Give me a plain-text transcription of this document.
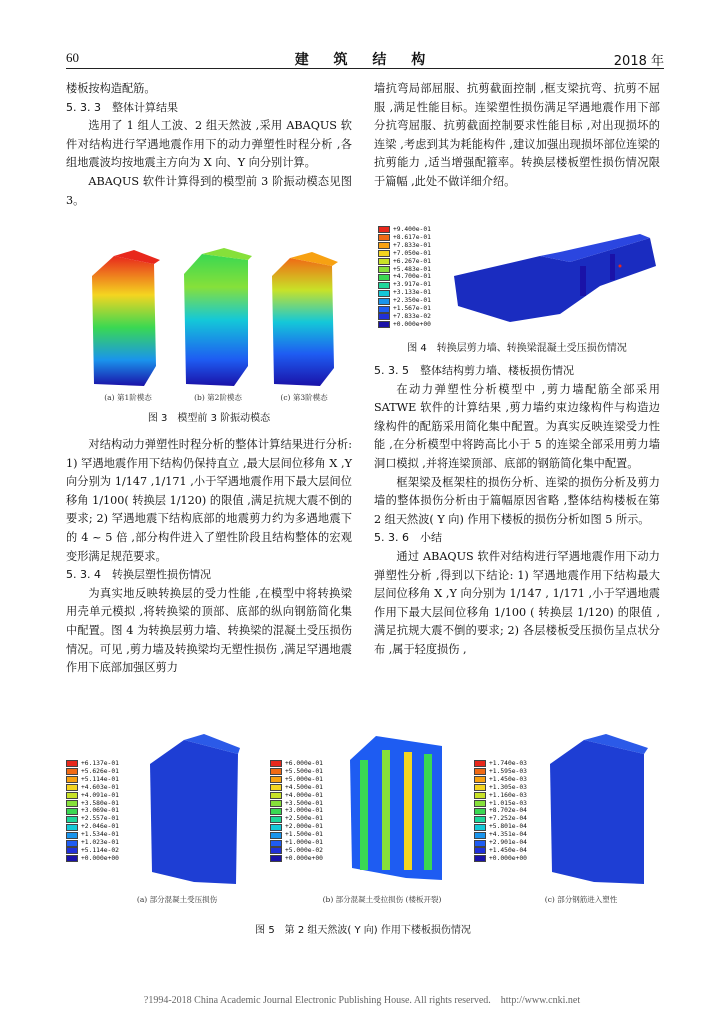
60	建 筑 结 构	2018 年

楼板按构造配筋。

5. 3. 3　整体计算结果

选用了 1 组人工波、2 组天然波 ,采用 ABAQUS 软件对结构进行罕遇地震作用下的动力弹塑性时程分析 ,各组地震波均按地震主方向为 X 向、Y 向分别计算。

ABAQUS 软件计算得到的模型前 3 阶振动模态见图 3。

(a) 第1阶模态	(b) 第2阶模态	(c) 第3阶模态
图 3　模型前 3 阶振动模态

对结构动力弹塑性时程分析的整体计算结果进行分析: 1) 罕遇地震作用下结构仍保持直立 ,最大层间位移角 X ,Y 向分别为 1/147 ,1/171 ,小于罕遇地震作用下最大层间位移角 1/100( 转换层 1/120) 的限值 ,满足抗规大震不倒的要求; 2) 罕遇地震下结构底部的地震剪力约为多遇地震下的 4 ~ 5 倍 ,部分构件进入了塑性阶段且结构整体的宏观变形满足规范要求。

5. 3. 4　转换层塑性损伤情况

为真实地反映转换层的受力性能 ,在模型中将转换梁用壳单元模拟 ,将转换梁的顶部、底部的纵向钢筋简化集中配置。图 4 为转换层剪力墙、转换梁的混凝土受压损伤情况。可见 ,剪力墙及转换梁均无塑性损伤 ,满足罕遇地震作用下底部加强区剪力

墙抗弯局部屈服、抗剪截面控制 ,框支梁抗弯、抗剪不屈服 ,满足性能目标。连梁塑性损伤满足罕遇地震作用下部分抗弯屈服、抗剪截面控制要求性能目标 ,对出现损坏的连梁 ,考虑到其为耗能构件 ,建议加强出现损坏部位连梁的抗剪能力 ,适当增强配箍率。转换层楼板塑性损伤情况限于篇幅 ,此处不做详细介绍。

+9.400e-01
+8.617e-01
+7.833e-01
+7.050e-01
+6.267e-01
+5.483e-01
+4.700e-01
+3.917e-01
+3.133e-01
+2.350e-01
+1.567e-01
+7.833e-02
+0.000e+00
图 4　转换层剪力墙、转换梁混凝土受压损伤情况

5. 3. 5　整体结构剪力墙、楼板损伤情况

在动力弹塑性分析模型中 ,剪力墙配筋全部采用 SATWE 软件的计算结果 ,剪力墙约束边缘构件与构造边缘构件的配筋采用简化集中配置。为真实反映连梁受力性能 ,在分析模型中将跨高比小于 5 的连梁全部采用剪力墙洞口模拟 ,并将连梁顶部、底部的钢筋简化集中配置。

框架梁及框架柱的损伤分析、连梁的损伤分析及剪力墙的整体损伤分析由于篇幅原因省略 ,整体结构楼板在第 2 组天然波( Y 向) 作用下楼板的损伤分析如图 5 所示。

5. 3. 6　小结

通过 ABAQUS 软件对结构进行罕遇地震作用下动力弹塑性分析 ,得到以下结论: 1) 罕遇地震作用下结构最大层间位移角 X ,Y 向分别为 1/147 , 1/171 ,小于罕遇地震作用下最大层间位移角 1/100 ( 转换层 1/120) 的限值 ,满足抗规大震不倒的要求; 2) 各层楼板受压损伤呈点状分布 ,属于轻度损伤 ,

+6.137e-01
+5.626e-01
+5.114e-01
+4.603e-01
+4.091e-01
+3.580e-01
+3.069e-01
+2.557e-01
+2.046e-01
+1.534e-01
+1.023e-01
+5.114e-02
+0.000e+00
+6.000e-01
+5.500e-01
+5.000e-01
+4.500e-01
+4.000e-01
+3.500e-01
+3.000e-01
+2.500e-01
+2.000e-01
+1.500e-01
+1.000e-01
+5.000e-02
+0.000e+00
+1.740e-03
+1.595e-03
+1.450e-03
+1.305e-03
+1.160e-03
+1.015e-03
+8.702e-04
+7.252e-04
+5.801e-04
+4.351e-04
+2.901e-04
+1.450e-04
+0.000e+00
(a) 部分混凝土受压损伤	(b) 部分混凝土受拉损伤 (楼板开裂)	(c) 部分钢筋进入塑性
图 5　第 2 组天然波( Y 向) 作用下楼板损伤情况
?1994-2018 China Academic Journal Electronic Publishing House. All rights reserved.　http://www.cnki.net
